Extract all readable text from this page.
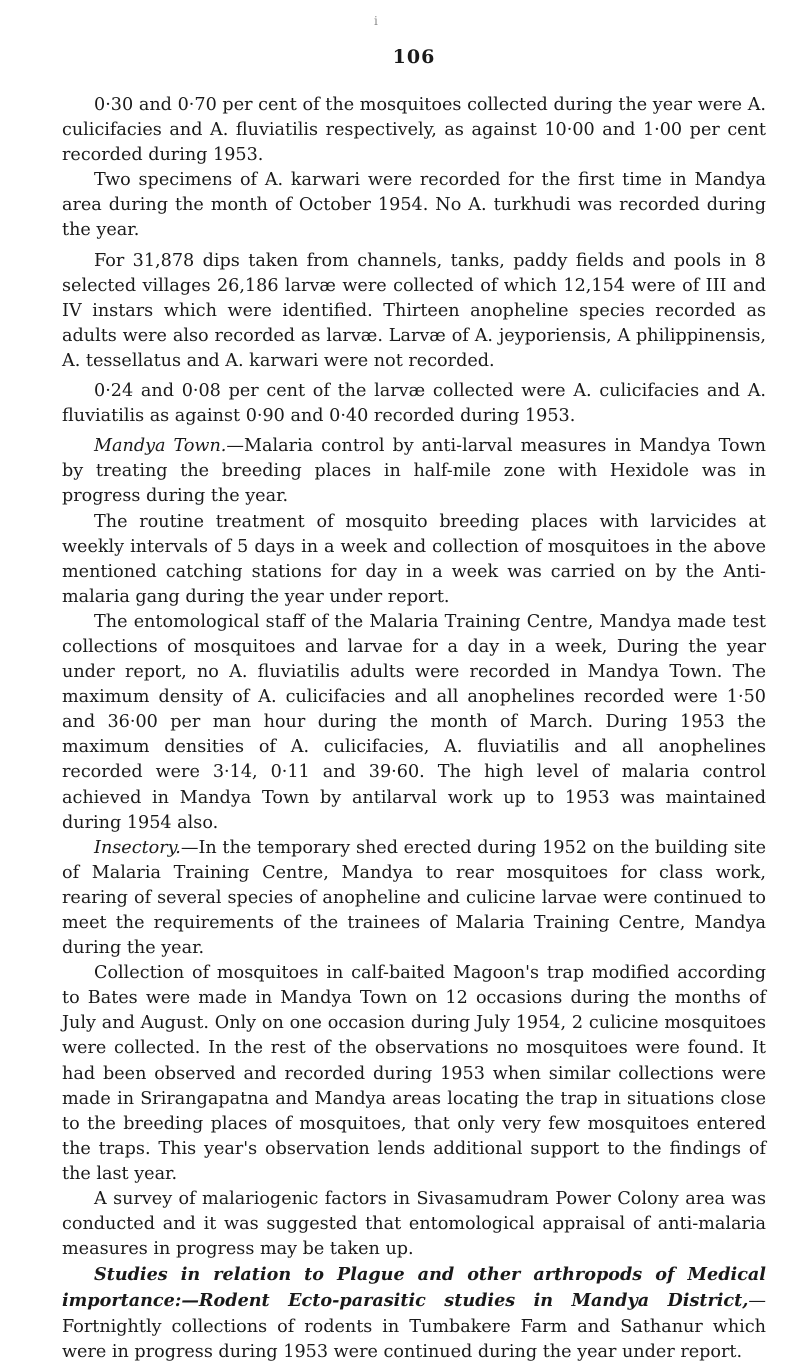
i
106

0·30 and 0·70 per cent of the mosquitoes collected during the year were A. culicifacies and A. fluviatilis respectively, as against 10·00 and 1·00 per cent recorded during 1953.

Two specimens of A. karwari were recorded for the first time in Mandya area during the month of October 1954. No A. turkhudi was recorded during the year.

For 31,878 dips taken from channels, tanks, paddy fields and pools in 8 selected villages 26,186 larvæ were collected of which 12,154 were of III and IV instars which were identified. Thirteen anopheline species recorded as adults were also recorded as larvæ. Larvæ of A. jeyporiensis, A philippinensis, A. tessellatus and A. karwari were not recorded.

0·24 and 0·08 per cent of the larvæ collected were A. culicifacies and A. fluviatilis as against 0·90 and 0·40 recorded during 1953.

Mandya Town.—Malaria control by anti-larval measures in Mandya Town by treating the breeding places in half-mile zone with Hexidole was in progress during the year.

The routine treatment of mosquito breeding places with larvicides at weekly intervals of 5 days in a week and collection of mosquitoes in the above mentioned catching stations for day in a week was carried on by the Anti-malaria gang during the year under report.

The entomological staff of the Malaria Training Centre, Mandya made test collections of mosquitoes and larvae for a day in a week, During the year under report, no A. fluviatilis adults were recorded in Mandya Town. The maximum density of A. culicifacies and all anophelines recorded were 1·50 and 36·00 per man hour during the month of March. During 1953 the maximum densities of A. culicifacies, A. fluviatilis and all anophelines recorded were 3·14, 0·11 and 39·60. The high level of malaria control achieved in Mandya Town by antilarval work up to 1953 was maintained during 1954 also.

Insectory.—In the temporary shed erected during 1952 on the building site of Malaria Training Centre, Mandya to rear mosquitoes for class work, rearing of several species of anopheline and culicine larvae were continued to meet the requirements of the trainees of Malaria Training Centre, Mandya during the year.

Collection of mosquitoes in calf-baited Magoon's trap modified according to Bates were made in Mandya Town on 12 occasions during the months of July and August. Only on one occasion during July 1954, 2 culicine mosquitoes were collected. In the rest of the observations no mosquitoes were found. It had been observed and recorded during 1953 when similar collections were made in Srirangapatna and Mandya areas locating the trap in situations close to the breeding places of mosquitoes, that only very few mosquitoes entered the traps. This year's observation lends additional support to the findings of the last year.

A survey of malariogenic factors in Sivasamudram Power Colony area was conducted and it was suggested that entomological appraisal of anti-malaria measures in progress may be taken up.

Studies in relation to Plague and other arthropods of Medical importance:—Rodent Ecto-parasitic studies in Mandya District,— Fortnightly collections of rodents in Tumbakere Farm and Sathanur which were in progress during 1953 were continued during the year under report.
